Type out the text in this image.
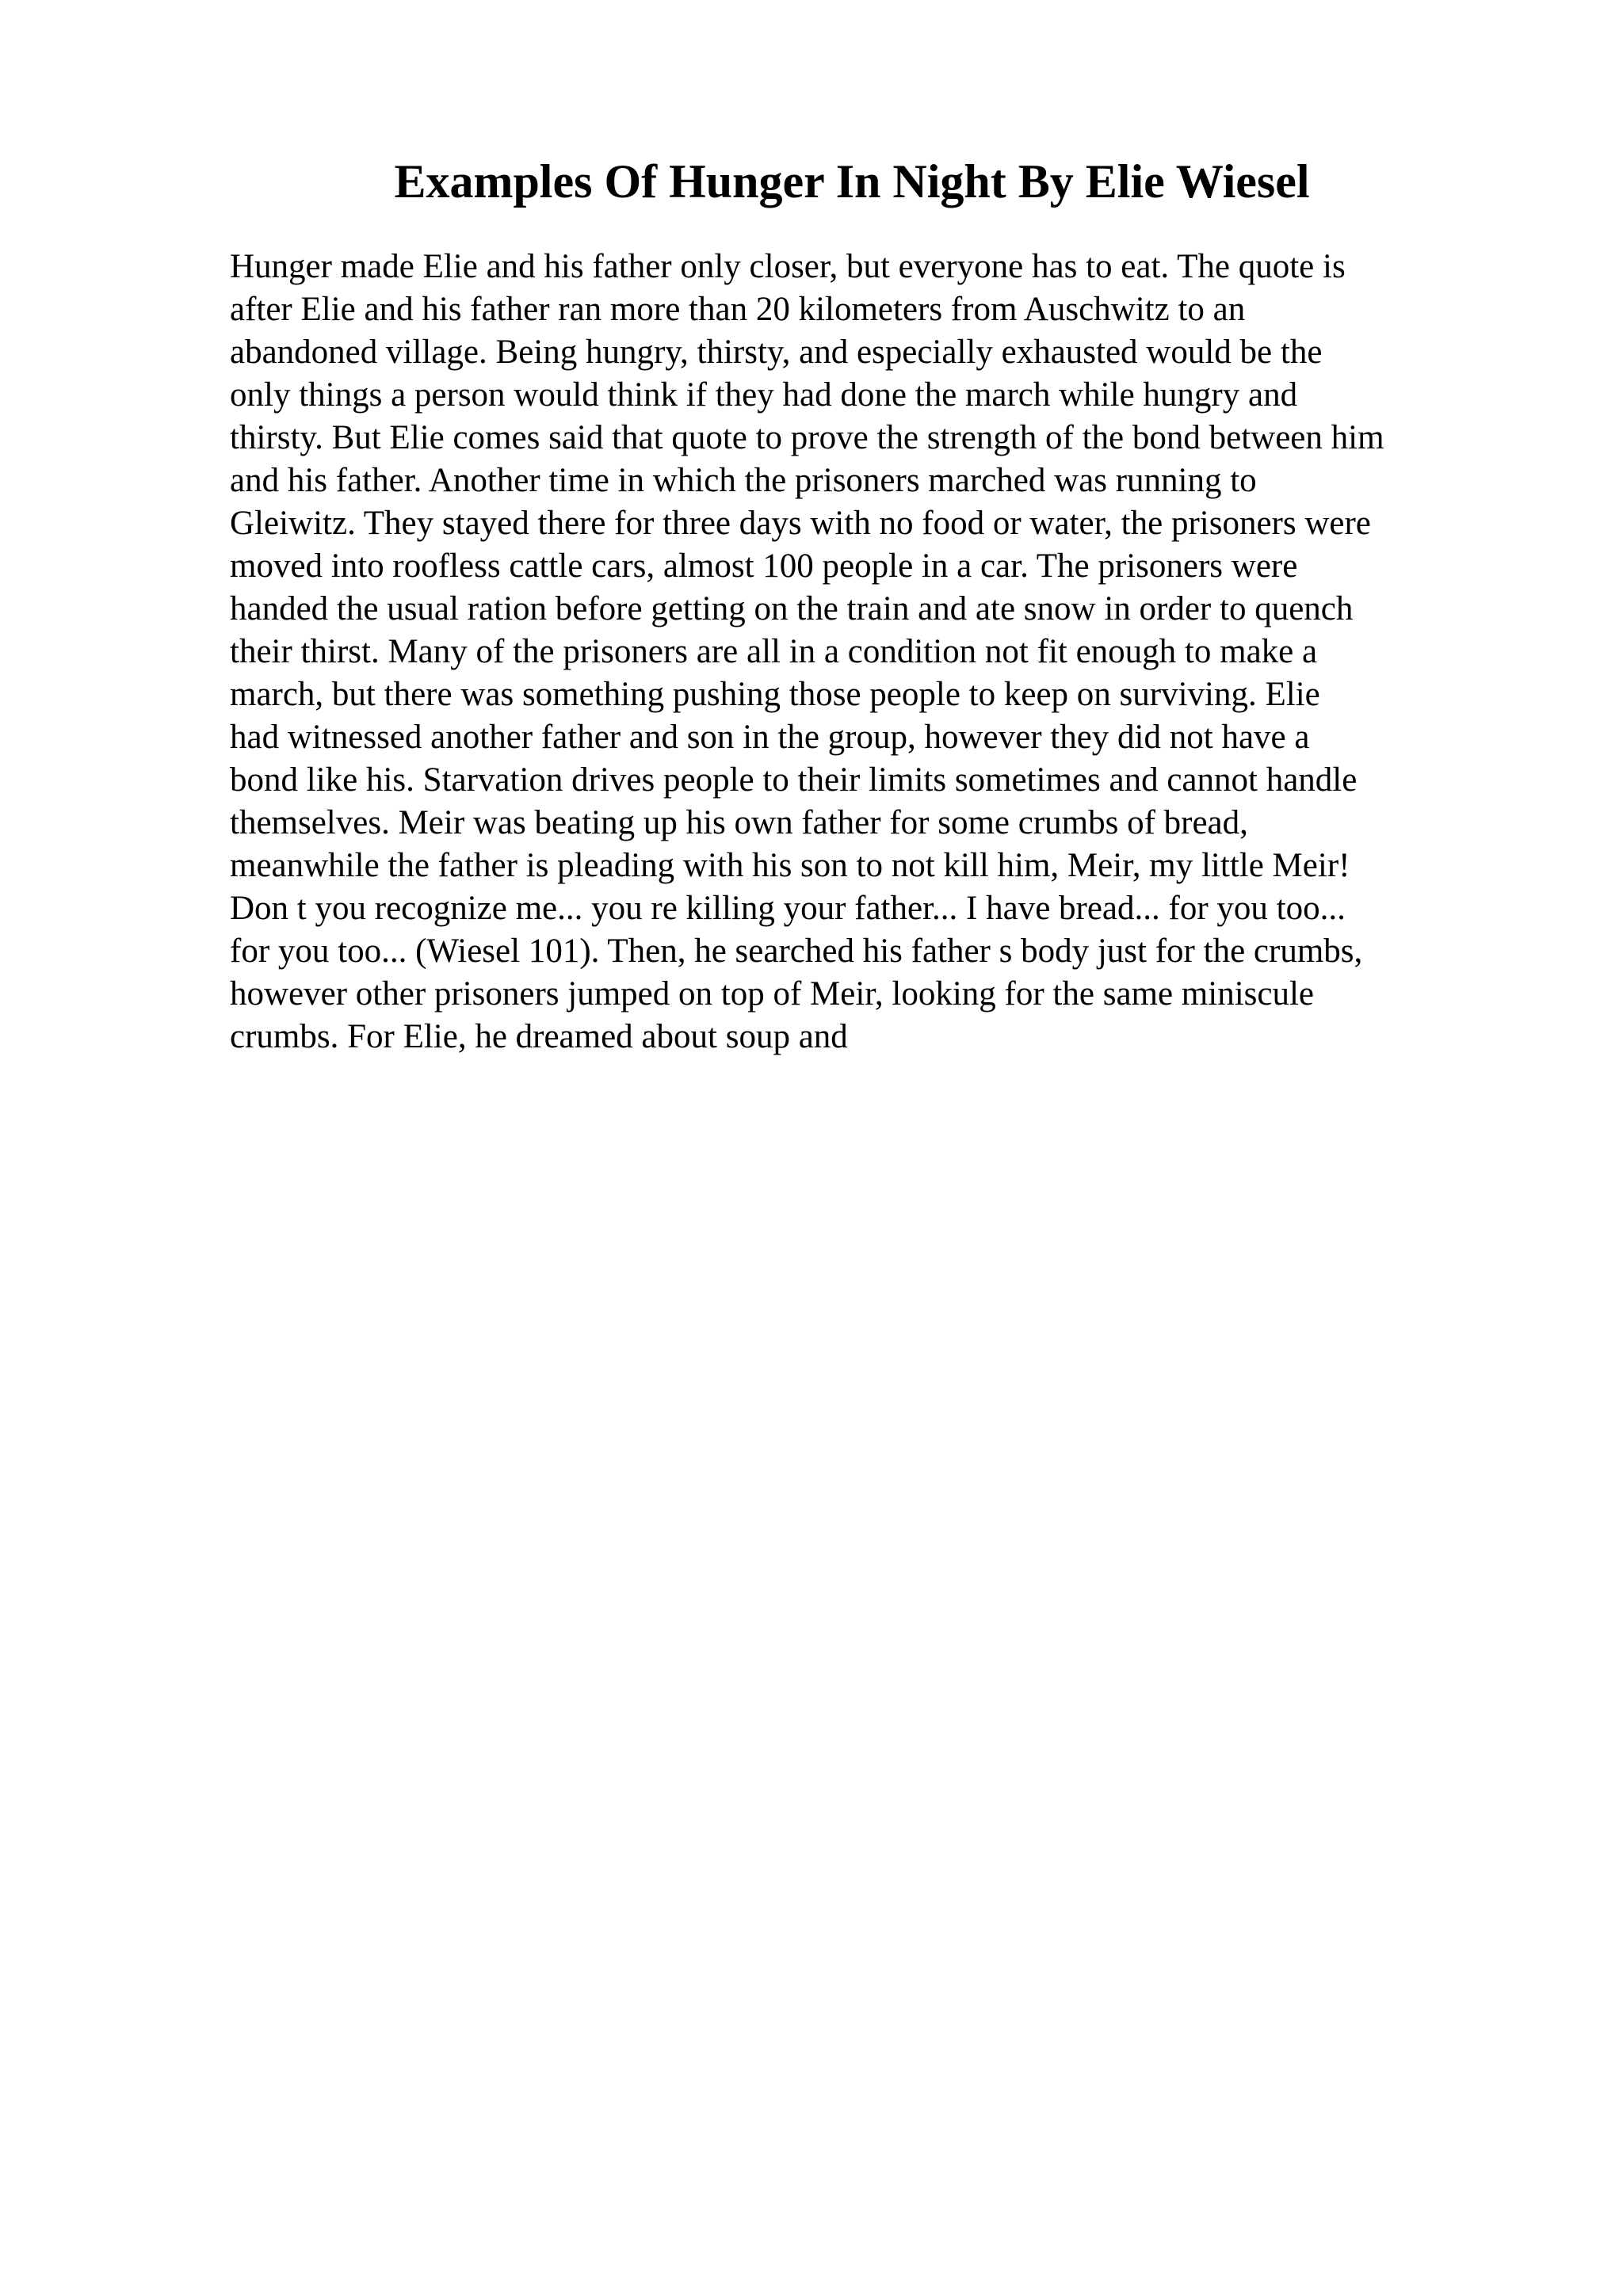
Examples Of Hunger In Night By Elie Wiesel
Hunger made Elie and his father only closer, but everyone has to eat. The quote is
after Elie and his father ran more than 20 kilometers from Auschwitz to an
abandoned village. Being hungry, thirsty, and especially exhausted would be the
only things a person would think if they had done the march while hungry and
thirsty. But Elie comes said that quote to prove the strength of the bond between him
and his father. Another time in which the prisoners marched was running to
Gleiwitz. They stayed there for three days with no food or water, the prisoners were
moved into roofless cattle cars, almost 100 people in a car. The prisoners were
handed the usual ration before getting on the train and ate snow in order to quench
their thirst. Many of the prisoners are all in a condition not fit enough to make a
march, but there was something pushing those people to keep on surviving. Elie
had witnessed another father and son in the group, however they did not have a
bond like his. Starvation drives people to their limits sometimes and cannot handle
themselves. Meir was beating up his own father for some crumbs of bread,
meanwhile the father is pleading with his son to not kill him, Meir, my little Meir!
Don t you recognize me... you re killing your father... I have bread... for you too...
for you too... (Wiesel 101). Then, he searched his father s body just for the crumbs,
however other prisoners jumped on top of Meir, looking for the same miniscule
crumbs. For Elie, he dreamed about soup and
